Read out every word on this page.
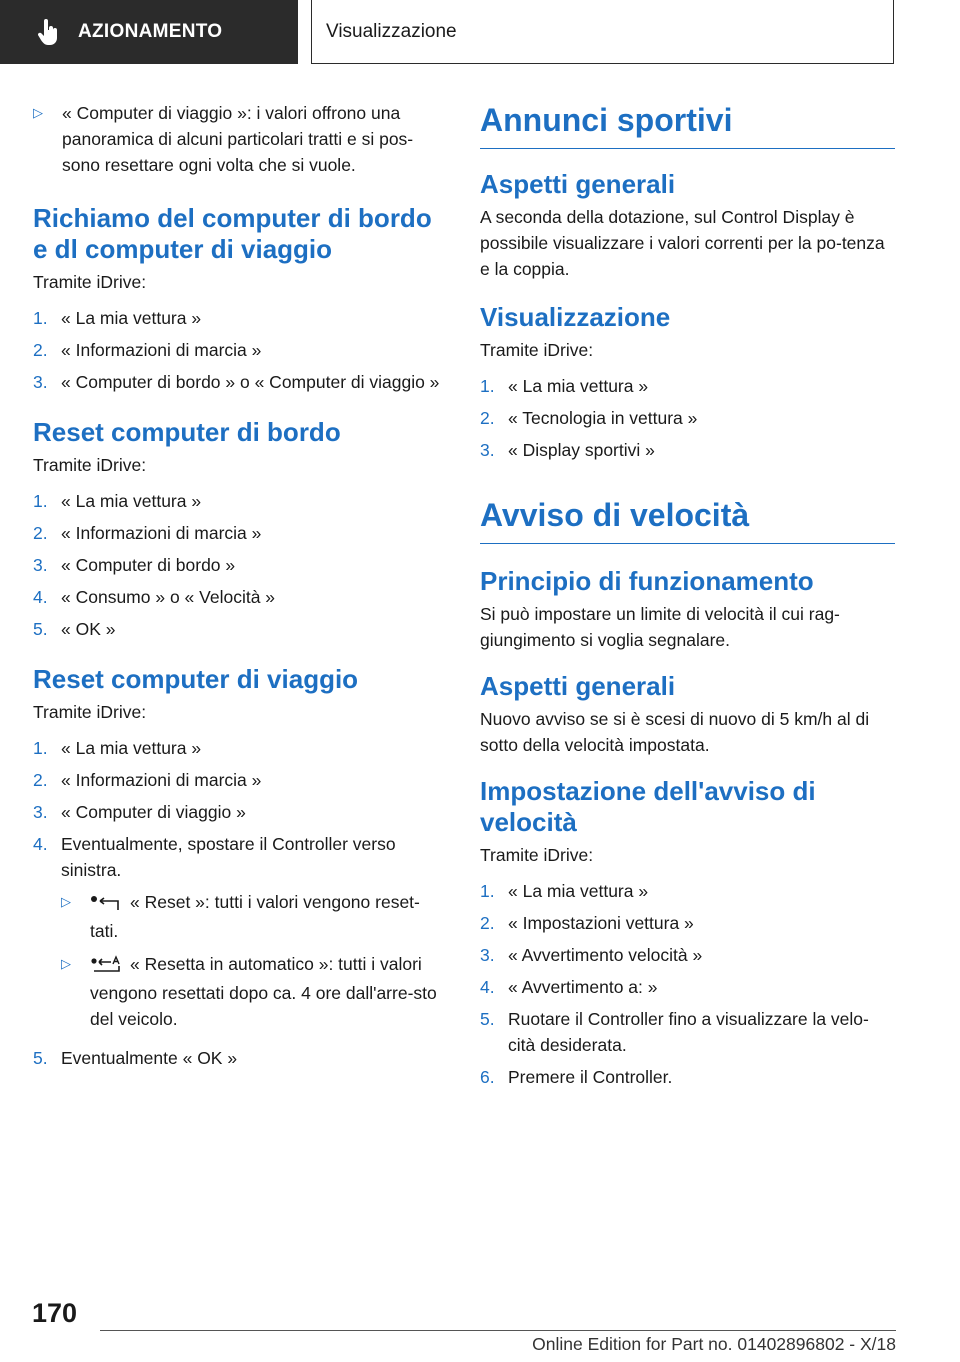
AZIONAMENTO	Visualizzazione
▷	« Computer di viaggio »: i valori offrono una panoramica di alcuni particolari tratti e si pos-sono resettare ogni volta che si vuole.
Richiamo del computer di bordo e dl computer di viaggio
Tramite iDrive:
1. « La mia vettura »
2. « Informazioni di marcia »
3. « Computer di bordo » o « Computer di viaggio »
Reset computer di bordo
Tramite iDrive:
1. « La mia vettura »
2. « Informazioni di marcia »
3. « Computer di bordo »
4. « Consumo » o « Velocità »
5. « OK »
Reset computer di viaggio
Tramite iDrive:
1. « La mia vettura »
2. « Informazioni di marcia »
3. « Computer di viaggio »
4. Eventualmente, spostare il Controller verso sinistra.
▷	« Reset »: tutti i valori vengono reset-tati.
▷	« Resetta in automatico »: tutti i valori vengono resettati dopo ca. 4 ore dall'arre-sto del veicolo.
5. Eventualmente « OK »
Annunci sportivi
Aspetti generali
A seconda della dotazione, sul Control Display è possibile visualizzare i valori correnti per la po-tenza e la coppia.
Visualizzazione
Tramite iDrive:
1. « La mia vettura »
2. « Tecnologia in vettura »
3. « Display sportivi »
Avviso di velocità
Principio di funzionamento
Si può impostare un limite di velocità il cui rag-giungimento si voglia segnalare.
Aspetti generali
Nuovo avviso se si è scesi di nuovo di 5 km/h al di sotto della velocità impostata.
Impostazione dell'avviso di velocità
Tramite iDrive:
1. « La mia vettura »
2. « Impostazioni vettura »
3. « Avvertimento velocità »
4. « Avvertimento a: »
5. Ruotare il Controller fino a visualizzare la velo-cità desiderata.
6. Premere il Controller.
170
Online Edition for Part no. 01402896802 - X/18
